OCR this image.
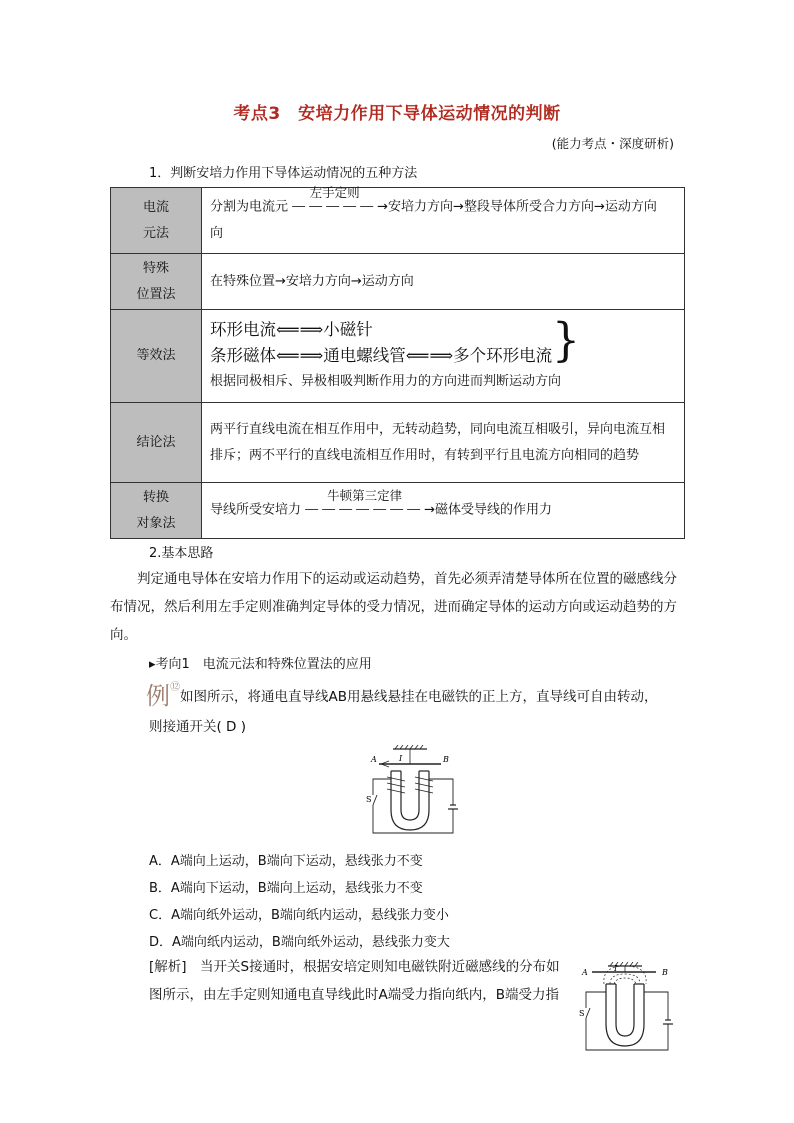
考点3　安培力作用下导体运动情况的判断
(能力考点・深度研析)
1．判断安培力作用下导体运动情况的五种方法
电流
元法	分割为电流元
左手定则
―――――→安培力方向→整段导体所受合力方向→运动方向
向
特殊
位置法	在特殊位置→安培力方向→运动方向
等效法	环形电流⟸⟹小磁针
条形磁体⟸⟹通电螺线管⟸⟹多个环形电流 }
根据同极相斥、异极相吸判断作用力的方向进而判断运动方向

结论法	两平行直线电流在相互作用中，无转动趋势，同向电流互相吸引，异向电流互相排斥；两不平行的直线电流相互作用时，有转到平行且电流方向相同的趋势
转换
对象法	导线所受安培力
牛顿第三定律
―――――――→磁体受导线的作用力
2.基本思路
判定通电导体在安培力作用下的运动或运动趋势，首先必须弄清楚导体所在位置的磁感线分布情况，然后利用左手定则准确判定导体的受力情况，进而确定导体的运动方向或运动趋势的方向。
▸考向1　电流元法和特殊位置法的应用
例 ⑫
如图所示，将通电直导线AB用悬线悬挂在电磁铁的正上方，直导线可自由转动，
则接通开关( D )
A	I	B
S
A．A端向上运动，B端向下运动，悬线张力不变
B．A端向下运动，B端向上运动，悬线张力不变
C．A端向纸外运动，B端向纸内运动，悬线张力变小
D．A端向纸内运动，B端向纸外运动，悬线张力变大
[解析]　当开关S接通时，根据安培定则知电磁铁附近磁感线的分布如图所示，由左手定则知通电直导线此时A端受力指向纸内，B端受力指
A	I	B
S
